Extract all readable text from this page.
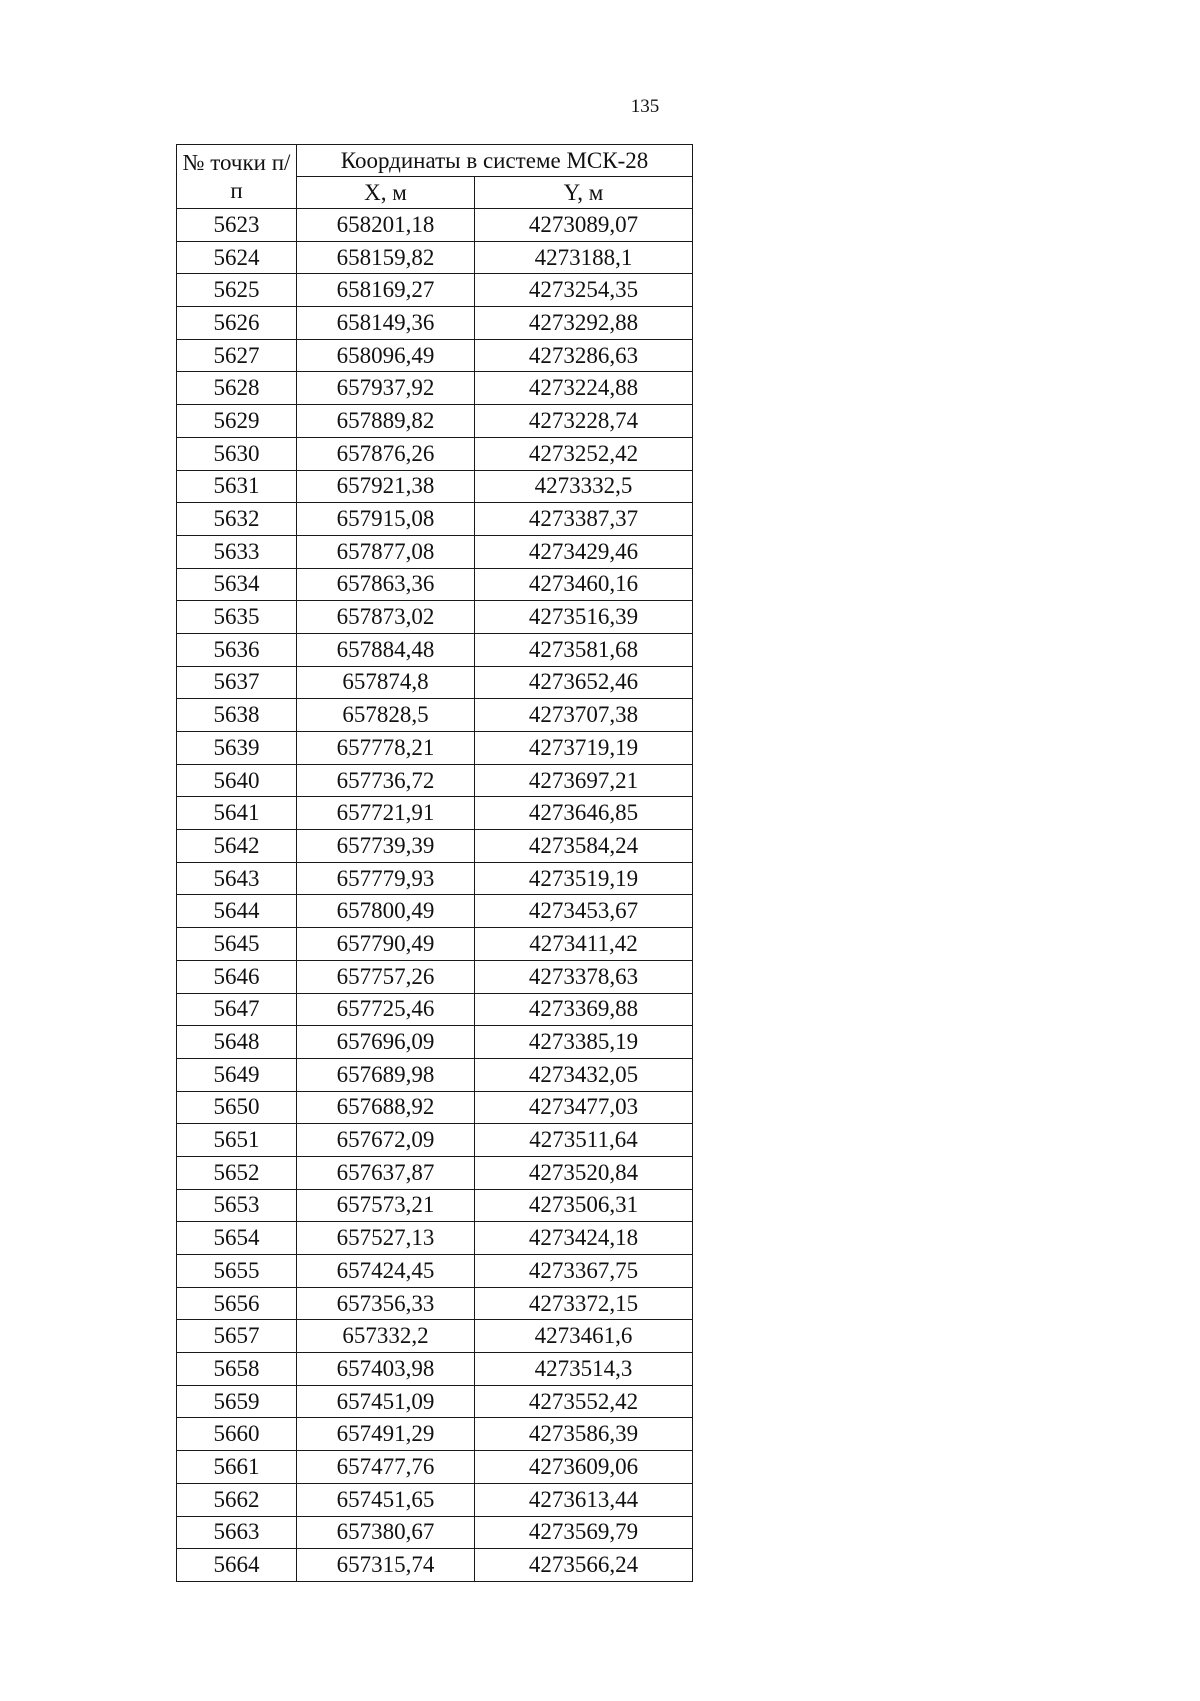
135
№ точки п/п	Координаты в системе МСК-28	
	X, м	Y, м
5623	658201,18	4273089,07
5624	658159,82	4273188,1
5625	658169,27	4273254,35
5626	658149,36	4273292,88
5627	658096,49	4273286,63
5628	657937,92	4273224,88
5629	657889,82	4273228,74
5630	657876,26	4273252,42
5631	657921,38	4273332,5
5632	657915,08	4273387,37
5633	657877,08	4273429,46
5634	657863,36	4273460,16
5635	657873,02	4273516,39
5636	657884,48	4273581,68
5637	657874,8	4273652,46
5638	657828,5	4273707,38
5639	657778,21	4273719,19
5640	657736,72	4273697,21
5641	657721,91	4273646,85
5642	657739,39	4273584,24
5643	657779,93	4273519,19
5644	657800,49	4273453,67
5645	657790,49	4273411,42
5646	657757,26	4273378,63
5647	657725,46	4273369,88
5648	657696,09	4273385,19
5649	657689,98	4273432,05
5650	657688,92	4273477,03
5651	657672,09	4273511,64
5652	657637,87	4273520,84
5653	657573,21	4273506,31
5654	657527,13	4273424,18
5655	657424,45	4273367,75
5656	657356,33	4273372,15
5657	657332,2	4273461,6
5658	657403,98	4273514,3
5659	657451,09	4273552,42
5660	657491,29	4273586,39
5661	657477,76	4273609,06
5662	657451,65	4273613,44
5663	657380,67	4273569,79
5664	657315,74	4273566,24
